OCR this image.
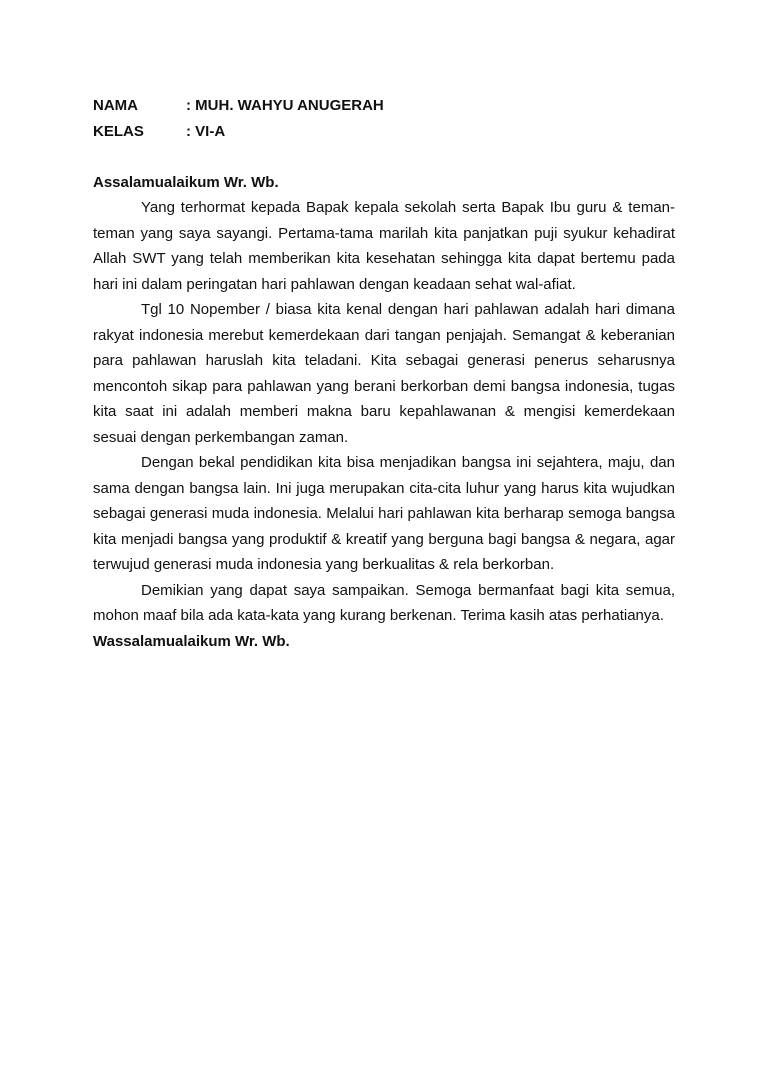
NAMA	: MUH. WAHYU ANUGERAH
KELAS	: VI-A

Assalamualaikum Wr. Wb.

Yang terhormat kepada Bapak kepala sekolah serta Bapak Ibu guru & teman-teman yang saya sayangi. Pertama-tama marilah kita panjatkan puji syukur kehadirat Allah SWT yang telah memberikan kita kesehatan sehingga kita dapat bertemu pada hari ini dalam peringatan hari pahlawan dengan keadaan sehat wal-afiat.

Tgl 10 Nopember / biasa kita kenal dengan hari pahlawan adalah hari dimana rakyat indonesia merebut kemerdekaan dari tangan penjajah. Semangat & keberanian para pahlawan haruslah kita teladani. Kita sebagai generasi penerus seharusnya mencontoh sikap para pahlawan yang berani berkorban demi bangsa indonesia, tugas kita saat ini adalah memberi makna baru kepahlawanan & mengisi kemerdekaan sesuai dengan perkembangan zaman.

Dengan bekal pendidikan kita bisa menjadikan bangsa ini sejahtera, maju, dan sama dengan bangsa lain. Ini juga merupakan cita-cita luhur yang harus kita wujudkan sebagai generasi muda indonesia. Melalui hari pahlawan kita berharap semoga bangsa kita menjadi bangsa yang produktif & kreatif yang berguna bagi bangsa & negara, agar terwujud generasi muda indonesia yang berkualitas & rela berkorban.

Demikian yang dapat saya sampaikan. Semoga bermanfaat bagi kita semua, mohon maaf bila ada kata-kata yang kurang berkenan. Terima kasih atas perhatianya.

Wassalamualaikum Wr. Wb.
